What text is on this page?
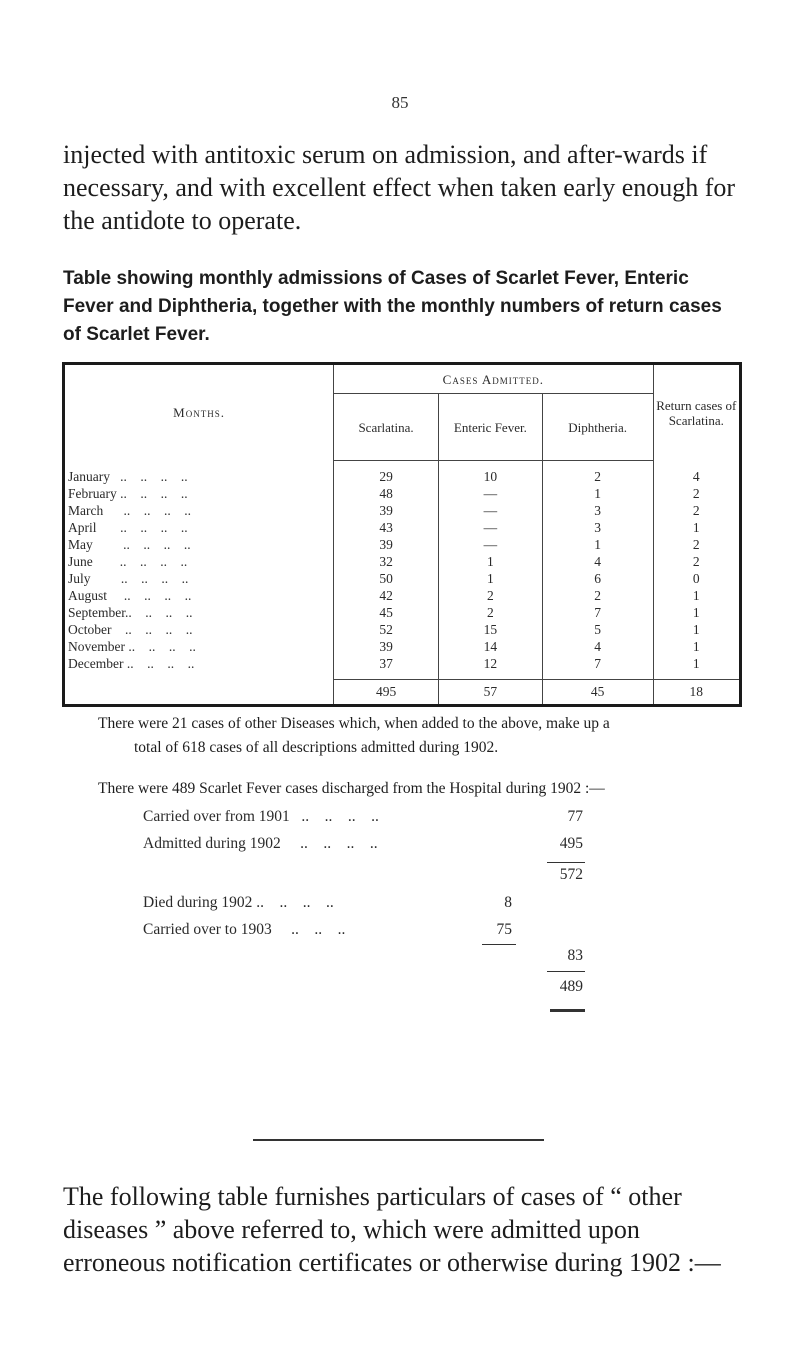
85

injected with antitoxic serum on admission, and after-wards if necessary, and with excellent effect when taken early enough for the antidote to operate.

Table showing monthly admissions of Cases of Scarlet Fever, Enteric Fever and Diphtheria, together with the monthly numbers of return cases of Scarlet Fever.

Months.	Cases Admitted.			Return cases of Scarlatina.
	Scarlatina.	Enteric Fever.	Diphtheria.	
January   ..    ..    ..    ..	29	10	2	4
February ..    ..    ..    ..	48	—	1	2
March      ..    ..    ..    ..	39	—	3	2
April       ..    ..    ..    ..	43	—	3	1
May         ..    ..    ..    ..	39	—	1	2
June        ..    ..    ..    ..	32	1	4	2
July         ..    ..    ..    ..	50	1	6	0
August     ..    ..    ..    ..	42	2	2	1
September..    ..    ..    ..	45	2	7	1
October    ..    ..    ..    ..	52	15	5	1
November ..    ..    ..    ..	39	14	4	1
December ..    ..    ..    ..	37	12	7	1
	495	57	45	18

There were 21 cases of other Diseases which, when added to the above, make up a

total of 618 cases of all descriptions admitted during 1902.

There were 489 Scarlet Fever cases discharged from the Hospital during 1902 :—

Carried over from 1901   ..    ..    ..    ..	77
Admitted during 1902     ..    ..    ..    ..	495
572
Died during 1902 ..    ..    ..    ..	8
Carried over to 1903     ..    ..    ..	75
83
489

The following table furnishes particulars of cases of “ other diseases ” above referred to, which were admitted upon erroneous notification certificates or otherwise during 1902 :—
